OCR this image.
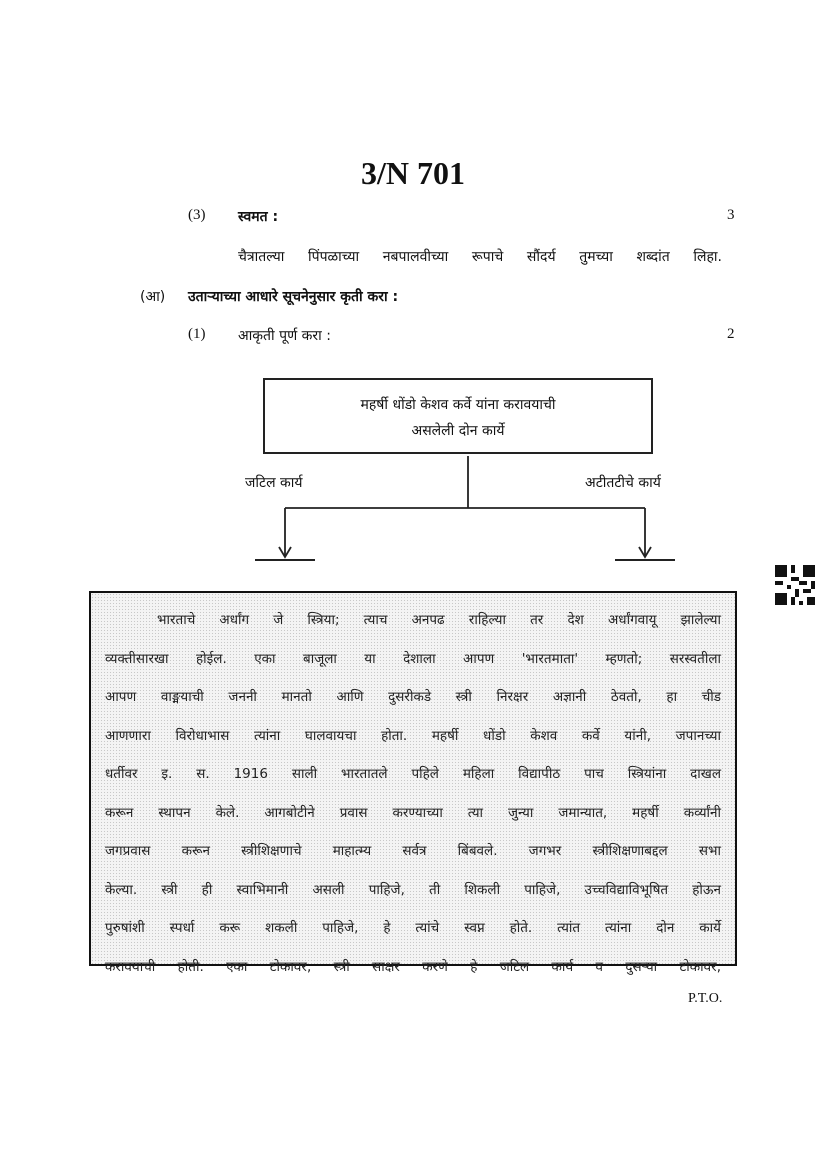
3/N 701
(3) स्वमत :	3
चैत्रातल्या पिंपळाच्या नबपालवीच्या रूपाचे सौंदर्य तुमच्या शब्दांत लिहा.
(आ) उताऱ्याच्या आधारे सूचनेनुसार कृती करा :
(1) आकृती पूर्ण करा :	2
महर्षी धोंडो केशव कर्वे यांना करावयाची
असलेली दोन कार्ये
जटिल कार्य	अटीतटीचे कार्य
भारताचे अर्धांग जे स्त्रिया; त्याच अनपढ राहिल्या तर देश अर्धांगवायू झालेल्या
व्यक्तीसारखा होईल. एका बाजूला या देशाला आपण 'भारतमाता' म्हणतो; सरस्वतीला
आपण वाङ्मयाची जननी मानतो आणि दुसरीकडे स्त्री निरक्षर अज्ञानी ठेवतो, हा चीड
आणणारा विरोधाभास त्यांना घालवायचा होता. महर्षी धोंडो केशव कर्वे यांनी, जपानच्या
धर्तीवर इ. स. 1916 साली भारतातले पहिले महिला विद्यापीठ पाच स्त्रियांना दाखल
करून स्थापन केले. आगबोटीने प्रवास करण्याच्या त्या जुन्या जमान्यात, महर्षी कर्व्यांनी
जगप्रवास करून स्त्रीशिक्षणाचे माहात्म्य सर्वत्र बिंबवले. जगभर स्त्रीशिक्षणाबद्दल सभा
केल्या. स्त्री ही स्वाभिमानी असली पाहिजे, ती शिकली पाहिजे, उच्चविद्याविभूषित होऊन
पुरुषांशी स्पर्धा करू शकली पाहिजे, हे त्यांचे स्वप्न होते. त्यांत त्यांना दोन कार्ये
करावयाची होती. एका टोकावर, स्त्री साक्षर करणे हे जटिल कार्य व दुसऱ्या टोकावर,
P.T.O.
